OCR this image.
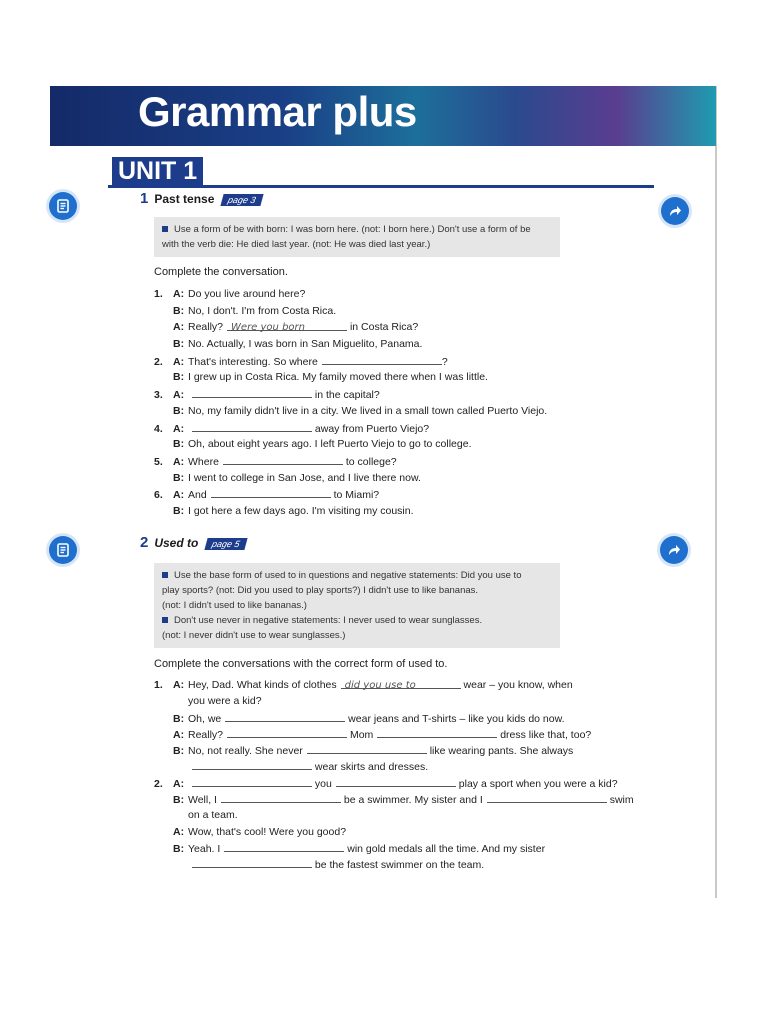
Grammar plus
UNIT 1
1 Past tense page 3
Use a form of be with born: I was born here. (not: I born here.) Don't use a form of be
with the verb die: He died last year. (not: He was died last year.)
Complete the conversation.
1. A: Do you live around here?
B: No, I don't. I'm from Costa Rica.
A: Really? Were you born	in Costa Rica?
B: No. Actually, I was born in San Miguelito, Panama.
2. A: That's interesting. So where	?
B: I grew up in Costa Rica. My family moved there when I was little.
3. A:	in the capital?
B: No, my family didn't live in a city. We lived in a small town called Puerto Viejo.
4. A:	away from Puerto Viejo?
B: Oh, about eight years ago. I left Puerto Viejo to go to college.
5. A: Where	to college?
B: I went to college in San Jose, and I live there now.
6. A: And	to Miami?
B: I got here a few days ago. I'm visiting my cousin.
2 Used to page 5
Use the base form of used to in questions and negative statements: Did you use to
play sports? (not: Did you used to play sports?) I didn't use to like bananas.
(not: I didn't used to like bananas.)
Don't use never in negative statements: I never used to wear sunglasses.
(not: I never didn't use to wear sunglasses.)
Complete the conversations with the correct form of used to.
1. A: Hey, Dad. What kinds of clothes did you use to	wear – you know, when
you were a kid?
B: Oh, we	wear jeans and T-shirts – like you kids do now.
A: Really?	Mom	dress like that, too?
B: No, not really. She never	like wearing pants. She always
wear skirts and dresses.
2. A:	you	play a sport when you were a kid?
B: Well, I	be a swimmer. My sister and I	swim
on a team.
A: Wow, that's cool! Were you good?
B: Yeah. I	win gold medals all the time. And my sister
be the fastest swimmer on the team.
